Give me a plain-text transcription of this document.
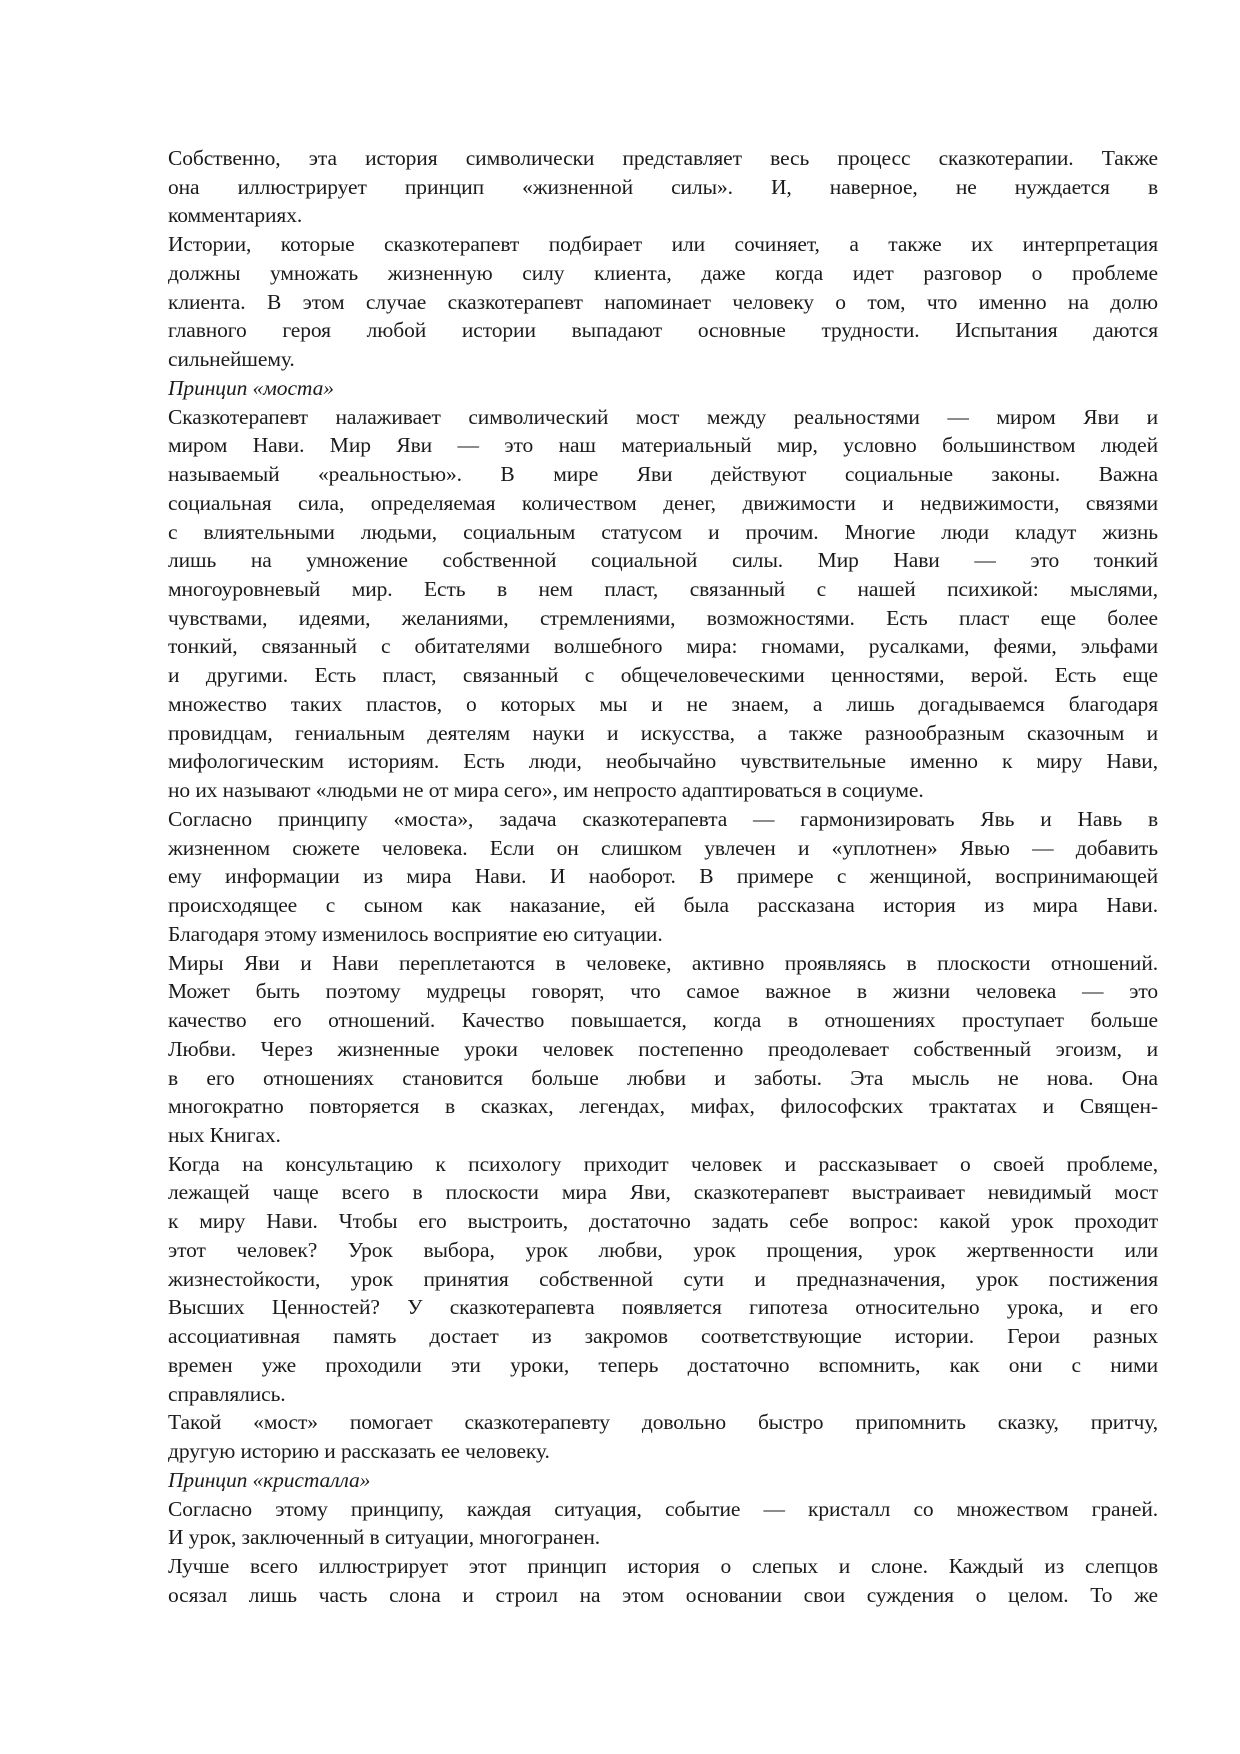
Собственно, эта история символически представляет весь процесс сказкотерапии. Также
она иллюстрирует принцип «жизненной силы». И, наверное, не нуждается в
комментариях.
Истории, которые сказкотерапевт подбирает или сочиняет, а также их интерпретация
должны умножать жизненную силу клиента, даже когда идет разговор о проблеме
клиента. В этом случае сказкотерапевт напоминает человеку о том, что именно на долю
главного героя любой истории выпадают основные трудности. Испытания даются
сильнейшему.
Принцип «моста»
Сказкотерапевт налаживает символический мост между реальностями — миром Яви и
миром Нави. Мир Яви — это наш материальный мир, условно большинством людей
называемый «реальностью». В мире Яви действуют социальные законы. Важна
социальная сила, определяемая количеством денег, движимости и недвижимости, связями
с влиятельными людьми, социальным статусом и прочим. Многие люди кладут жизнь
лишь на умножение собственной социальной силы. Мир Нави — это тонкий
многоуровневый мир. Есть в нем пласт, связанный с нашей психикой: мыслями,
чувствами, идеями, желаниями, стремлениями, возможностями. Есть пласт еще более
тонкий, связанный с обитателями волшебного мира: гномами, русалками, феями, эльфами
и другими. Есть пласт, связанный с общечеловеческими ценностями, верой. Есть еще
множество таких пластов, о которых мы и не знаем, а лишь догадываемся благодаря
провидцам, гениальным деятелям науки и искусства, а также разнообразным сказочным и
мифологическим историям. Есть люди, необычайно чувствительные именно к миру Нави,
но их называют «людьми не от мира сего», им непросто адаптироваться в социуме.
Согласно принципу «моста», задача сказкотерапевта — гармонизировать Явь и Навь в
жизненном сюжете человека. Если он слишком увлечен и «уплотнен» Явью — добавить
ему информации из мира Нави. И наоборот. В примере с женщиной, воспринимающей
происходящее с сыном как наказание, ей была рассказана история из мира Нави.
Благодаря этому изменилось восприятие ею ситуации.
Миры Яви и Нави переплетаются в человеке, активно проявляясь в плоскости отношений.
Может быть поэтому мудрецы говорят, что самое важное в жизни человека — это
качество его отношений. Качество повышается, когда в отношениях проступает больше
Любви. Через жизненные уроки человек постепенно преодолевает собственный эгоизм, и
в его отношениях становится больше любви и заботы. Эта мысль не нова. Она
многократно повторяется в сказках, легендах, мифах, философских трактатах и Священ-
ных Книгах.
Когда на консультацию к психологу приходит человек и рассказывает о своей проблеме,
лежащей чаще всего в плоскости мира Яви, сказкотерапевт выстраивает невидимый мост
к миру Нави. Чтобы его выстроить, достаточно задать себе вопрос: какой урок проходит
этот человек? Урок выбора, урок любви, урок прощения, урок жертвенности или
жизнестойкости, урок принятия собственной сути и предназначения, урок постижения
Высших Ценностей? У сказкотерапевта появляется гипотеза относительно урока, и его
ассоциативная память достает из закромов соответствующие истории. Герои разных
времен уже проходили эти уроки, теперь достаточно вспомнить, как они с ними
справлялись.
Такой «мост» помогает сказкотерапевту довольно быстро припомнить сказку, притчу,
другую историю и рассказать ее человеку.
Принцип «кристалла»
Согласно этому принципу, каждая ситуация, событие — кристалл со множеством граней.
И урок, заключенный в ситуации, многогранен.
Лучше всего иллюстрирует этот принцип история о слепых и слоне. Каждый из слепцов
осязал лишь часть слона и строил на этом основании свои суждения о целом. То же
